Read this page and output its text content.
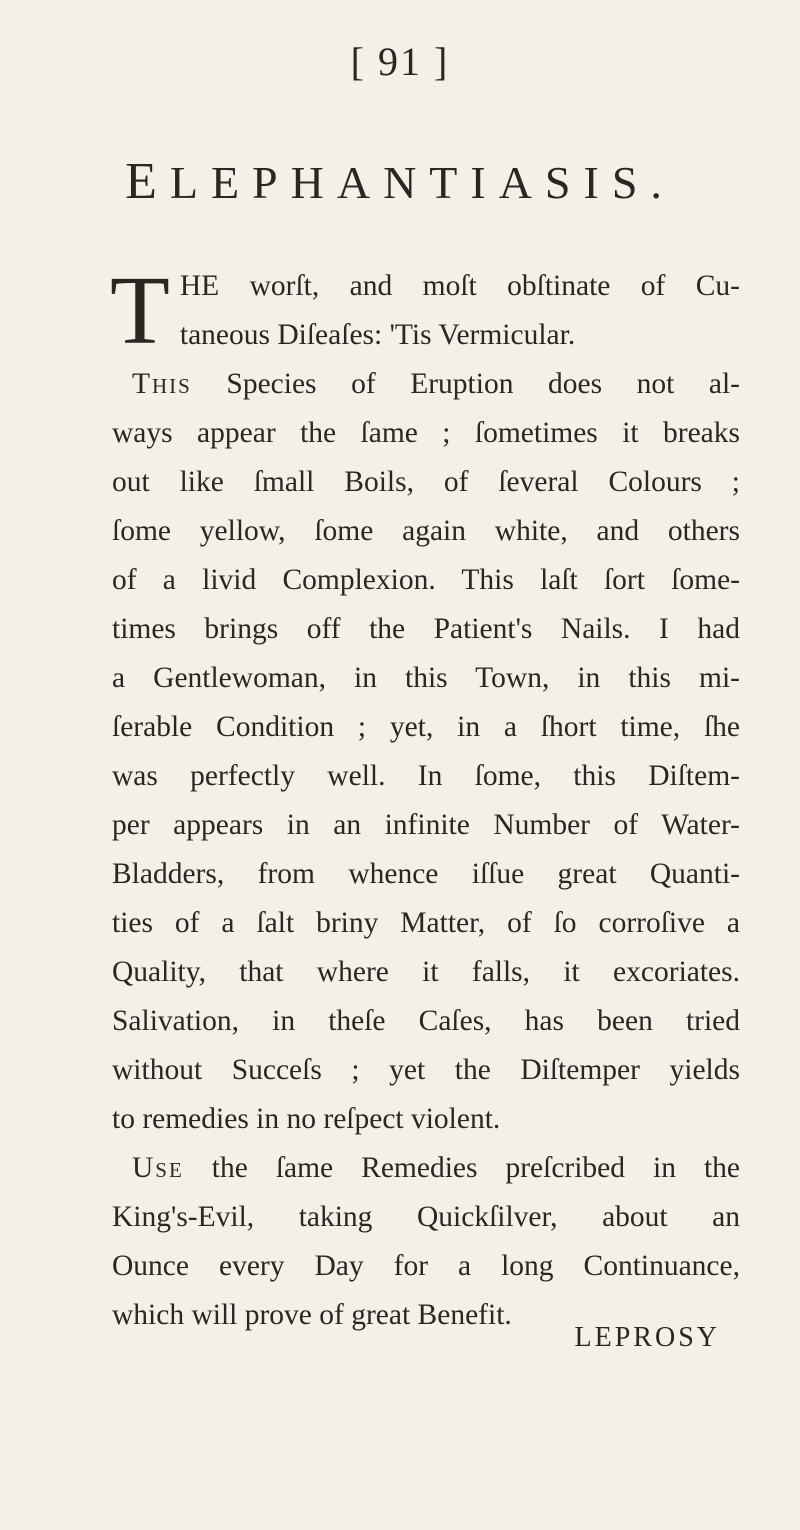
[ 91 ]
ELEPHANTIASIS.

T HE worſt, and moſt obſtinate of Cu-
taneous Diſeaſes: 'Tis Vermicular.

This Species of Eruption does not al-
ways appear the ſame ; ſometimes it breaks
out like ſmall Boils, of ſeveral Colours ;
ſome yellow, ſome again white, and others
of a livid Complexion. This laſt ſort ſome-
times brings off the Patient's Nails. I had
a Gentlewoman, in this Town, in this mi-
ſerable Condition ; yet, in a ſhort time, ſhe
was perfectly well. In ſome, this Diſtem-
per appears in an infinite Number of Water-
Bladders, from whence iſſue great Quanti-
ties of a ſalt briny Matter, of ſo corroſive a
Quality, that where it falls, it excoriates.
Salivation, in theſe Caſes, has been tried
without Succeſs ; yet the Diſtemper yields
to remedies in no reſpect violent.

Use the ſame Remedies preſcribed in the
King's-Evil, taking Quickſilver, about an
Ounce every Day for a long Continuance,
which will prove of great Benefit.

LEPROSY
